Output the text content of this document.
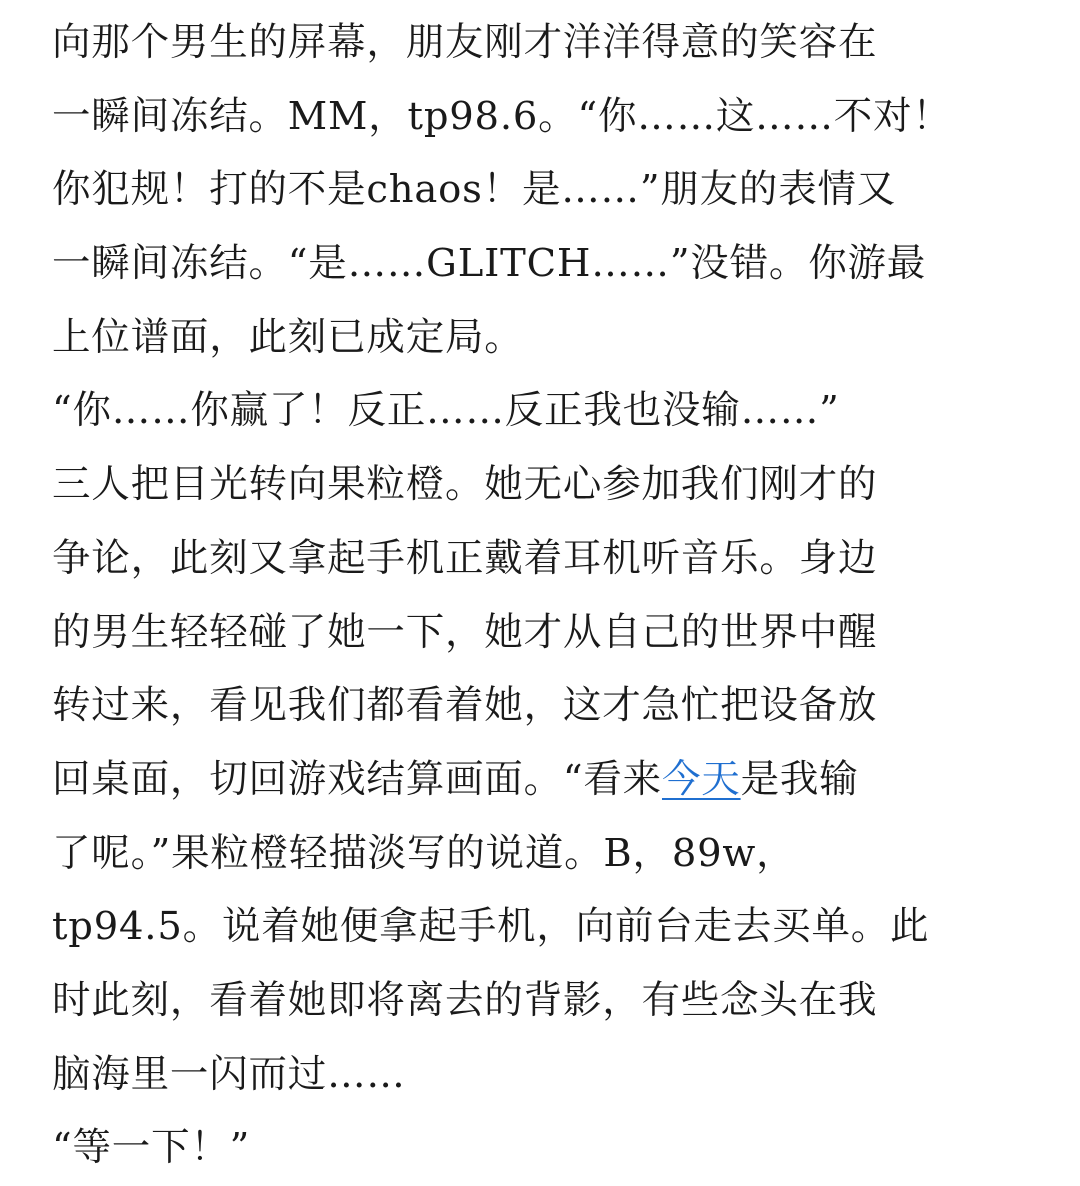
向那个男生的屏幕，朋友刚才洋洋得意的笑容在
一瞬间冻结。MM，tp98.6。“你……这……不对！
你犯规！打的不是chaos！是……”朋友的表情又
一瞬间冻结。“是……GLITCH……”没错。你游最
上位谱面，此刻已成定局。
“你……你赢了！反正……反正我也没输……”
三人把目光转向果粒橙。她无心参加我们刚才的
争论，此刻又拿起手机正戴着耳机听音乐。身边
的男生轻轻碰了她一下，她才从自己的世界中醒
转过来，看见我们都看着她，这才急忙把设备放
回桌面，切回游戏结算画面。“看来今天是我输
了呢。”果粒橙轻描淡写的说道。B，89w，
tp94.5。说着她便拿起手机，向前台走去买单。此
时此刻，看着她即将离去的背影，有些念头在我
脑海里一闪而过……
“等一下！”
